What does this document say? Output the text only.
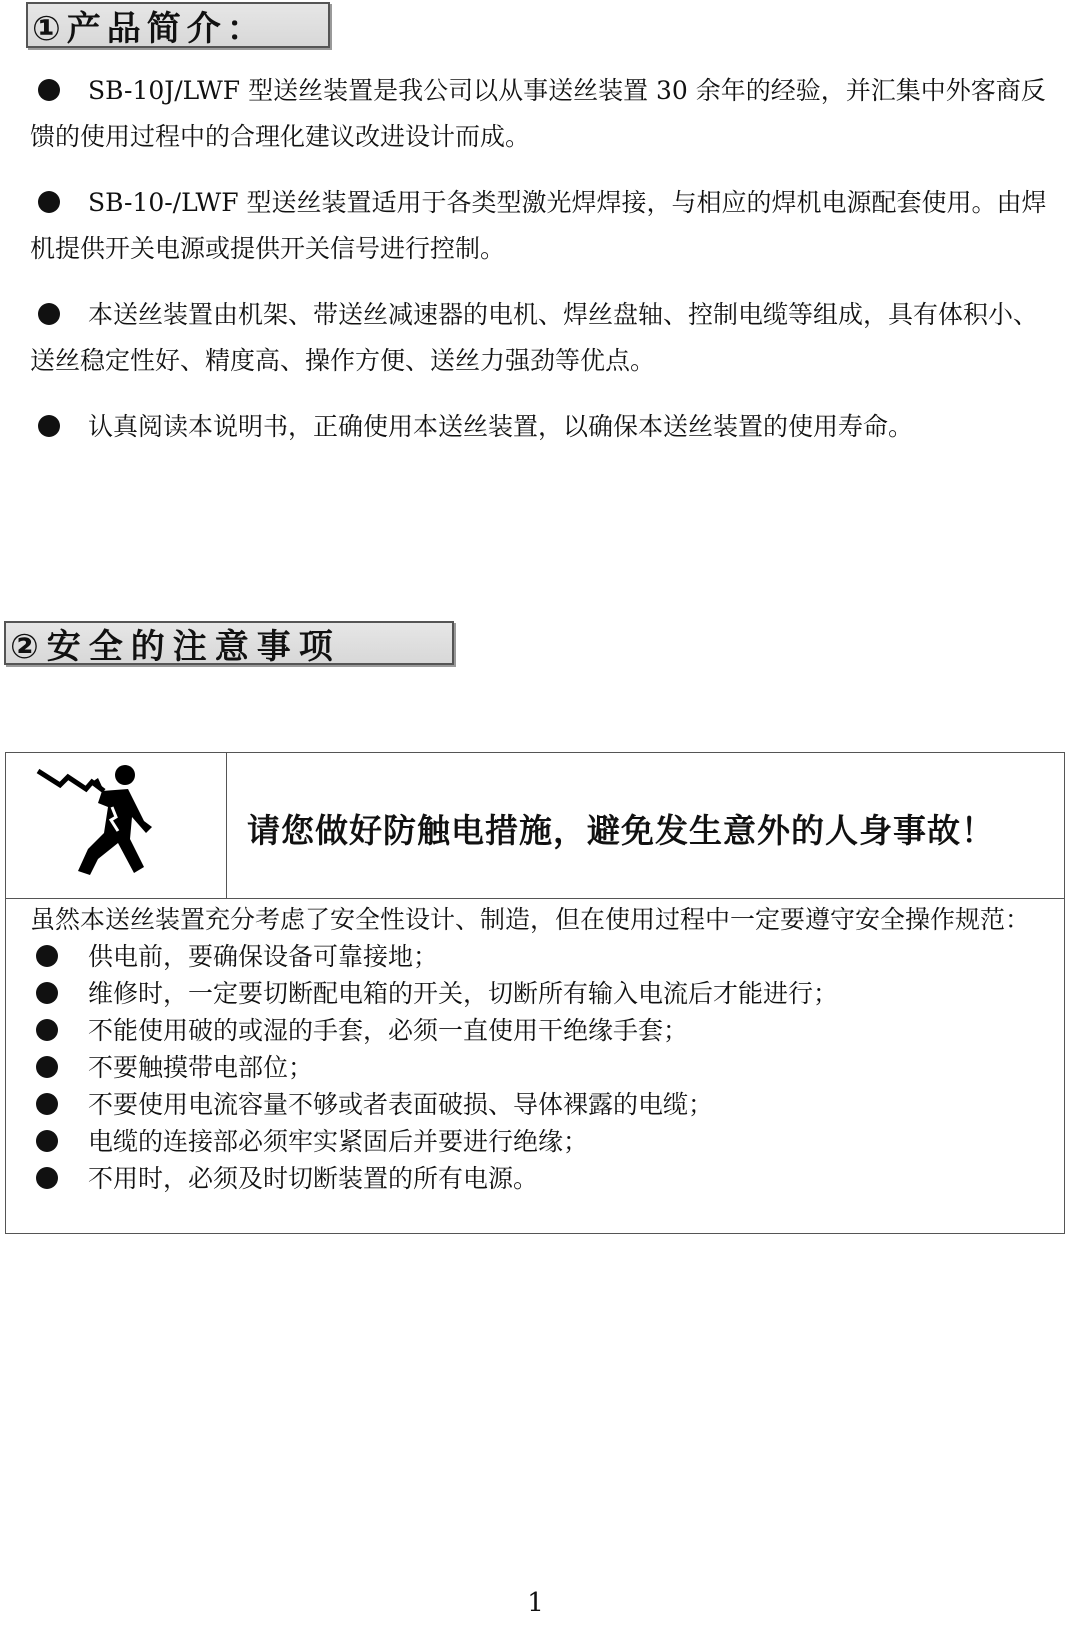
①产品简介：

SB-10J/LWF 型送丝装置是我公司以从事送丝装置 30 余年的经验，并汇集中外客商反馈的使用过程中的合理化建议改进设计而成。

SB-10-/LWF 型送丝装置适用于各类型激光焊焊接，与相应的焊机电源配套使用。由焊机提供开关电源或提供开关信号进行控制。

本送丝装置由机架、带送丝减速器的电机、焊丝盘轴、控制电缆等组成，具有体积小、送丝稳定性好、精度高、操作方便、送丝力强劲等优点。

认真阅读本说明书，正确使用本送丝装置，以确保本送丝装置的使用寿命。

②安全的注意事项
请您做好防触电措施，避免发生意外的人身事故！

虽然本送丝装置充分考虑了安全性设计、制造，但在使用过程中一定要遵守安全操作规范：

供电前，要确保设备可靠接地；
维修时，一定要切断配电箱的开关，切断所有输入电流后才能进行；
不能使用破的或湿的手套，必须一直使用干绝缘手套；
不要触摸带电部位；
不要使用电流容量不够或者表面破损、导体裸露的电缆；
电缆的连接部必须牢实紧固后并要进行绝缘；
不用时，必须及时切断装置的所有电源。
1
